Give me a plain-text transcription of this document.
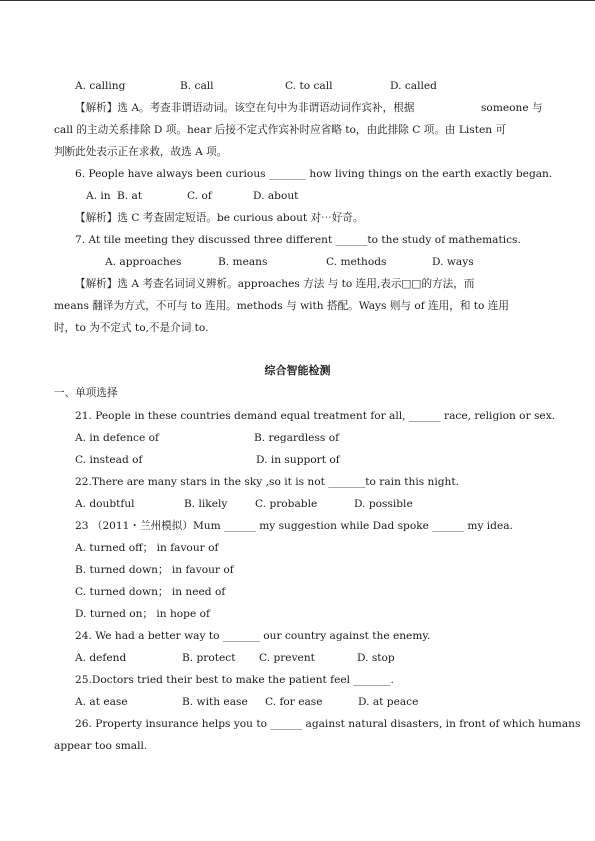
A. calling	B. call	C. to call	D. called
【解析】选 A。考查非谓语动词。该空在句中为非谓语动词作宾补，根据	someone 与
call 的主动关系排除 D 项。hear 后接不定式作宾补时应省略 to，由此排除 C 项。由 Listen 可
判断此处表示正在求救，故选 A 项。
6. People have always been curious _______ how living things on the earth exactly began.
A. in B. at	C. of	D. about
【解析】选 C 考查固定短语。be curious about 对⋯好奇。
7. At tile meeting they discussed three different ______to the study of mathematics.
A. approaches	B. means	C. methods	D. ways
【解析】选 A 考查名词词义辨析。approaches 方法 与 to 连用,表示□□的方法，而
means 翻译为方式，不可与 to 连用。methods 与 with 搭配。Ways 则与 of 连用，和 to 连用
时，to 为不定式 to,不是介词 to.
综合智能检测
一、单项选择
21. People in these countries demand equal treatment for all, ______ race, religion or sex.
A. in defence of	B. regardless of
C. instead of	D. in support of
22.There are many stars in the sky ,so it is not _______to rain this night.
A. doubtful	B. likely	C. probable	D. possible
23 （2011・兰州模拟）Mum ______ my suggestion while Dad spoke ______ my idea.
A. turned off； in favour of
B. turned down； in favour of
C. turned down； in need of
D. turned on； in hope of
24. We had a better way to _______ our country against the enemy.
A. defend	B. protect C. prevent	D. stop
25.Doctors tried their best to make the patient feel _______.
A. at ease	B. with ease C. for ease	D. at peace
26. Property insurance helps you to ______ against natural disasters, in front of which humans
appear too small.
